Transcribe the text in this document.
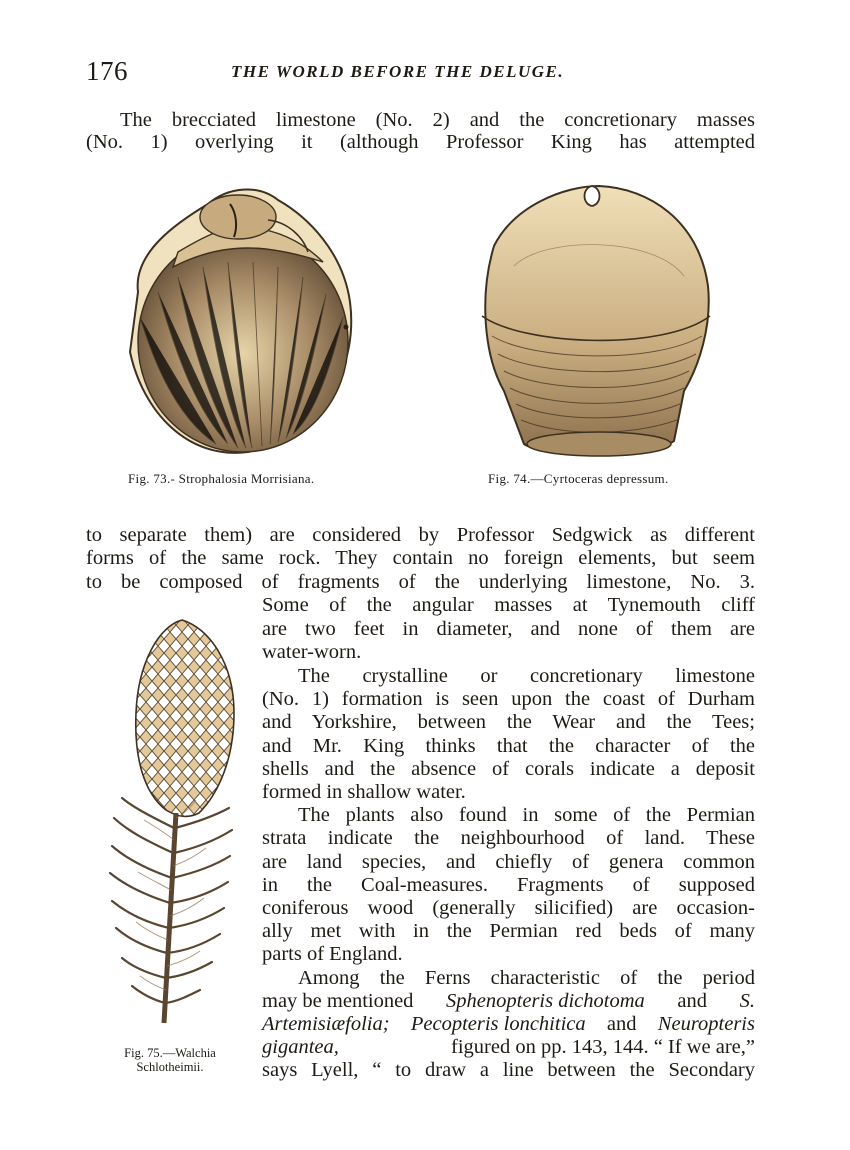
176	THE WORLD BEFORE THE DELUGE.
The brecciated limestone (No. 2) and the concretionary masses
(No. 1) overlying it (although Professor King has attempted
Fig. 73.- Strophalosia Morrisiana.	Fig. 74.—Cyrtoceras depressum.
to separate them) are considered by Professor Sedgwick as different
forms of the same rock. They contain no foreign elements, but seem
to be composed of fragments of the underlying limestone, No. 3.
Fig. 75.—Walchia
Schlotheimii.
Some of the angular masses at Tynemouth cliff
are two feet in diameter, and none of them are
water-worn.
The crystalline or concretionary limestone
(No. 1) formation is seen upon the coast of Durham
and Yorkshire, between the Wear and the Tees;
and Mr. King thinks that the character of the
shells and the absence of corals indicate a deposit
formed in shallow water.
The plants also found in some of the Permian
strata indicate the neighbourhood of land. These
are land species, and chiefly of genera common
in the Coal-measures. Fragments of supposed
coniferous wood (generally silicified) are occasion-
ally met with in the Permian red beds of many
parts of England.
Among the Ferns characteristic of the period
may be mentioned Sphenopteris dichotoma and S.
Artemisiæfolia; Pecopteris lonchitica and Neuropteris
gigantea,	figured on pp. 143, 144. “ If we are,”
says Lyell, “ to draw a line between the Secondary
